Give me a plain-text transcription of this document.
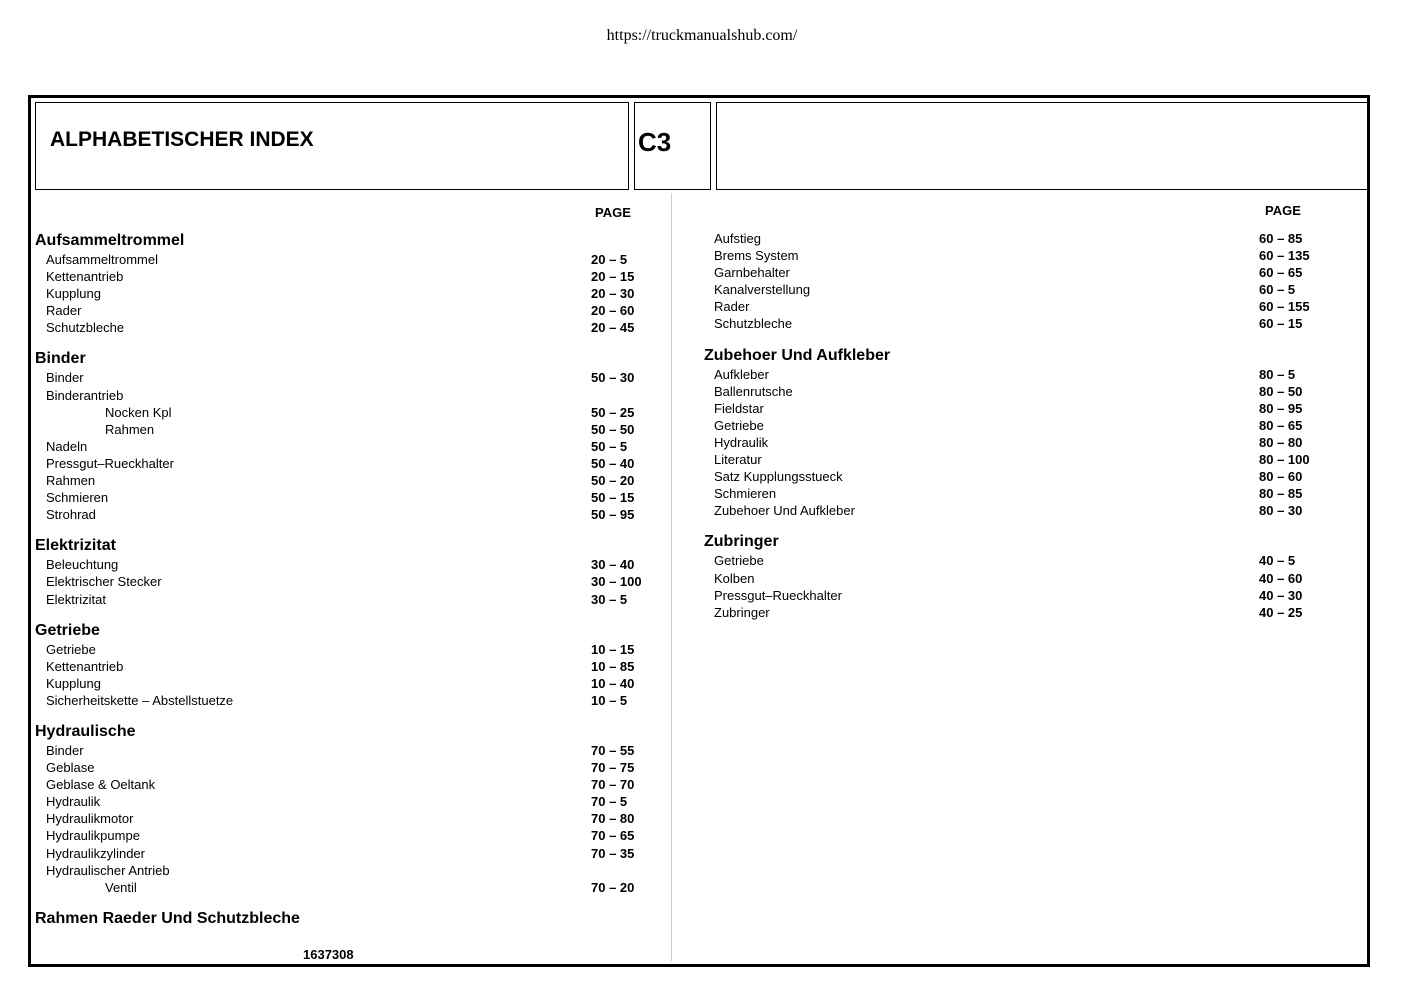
https://truckmanualshub.com/
ALPHABETISCHER INDEX	C3
PAGE
Aufsammeltrommel
Aufsammeltrommel	20 – 5
Kettenantrieb	20 – 15
Kupplung	20 – 30
Rader	20 – 60
Schutzbleche	20 – 45
Binder
Binder	50 – 30
Binderantrieb
Nocken Kpl	50 – 25
Rahmen	50 – 50
Nadeln	50 – 5
Pressgut–Rueckhalter	50 – 40
Rahmen	50 – 20
Schmieren	50 – 15
Strohrad	50 – 95
Elektrizitat
Beleuchtung	30 – 40
Elektrischer Stecker	30 – 100
Elektrizitat	30 – 5
Getriebe
Getriebe	10 – 15
Kettenantrieb	10 – 85
Kupplung	10 – 40
Sicherheitskette – Abstellstuetze	10 – 5
Hydraulische
Binder	70 – 55
Geblase	70 – 75
Geblase & Oeltank	70 – 70
Hydraulik	70 – 5
Hydraulikmotor	70 – 80
Hydraulikpumpe	70 – 65
Hydraulikzylinder	70 – 35
Hydraulischer Antrieb
Ventil	70 – 20
Rahmen Raeder Und Schutzbleche
PAGE
Aufstieg	60 – 85
Brems System	60 – 135
Garnbehalter	60 – 65
Kanalverstellung	60 – 5
Rader	60 – 155
Schutzbleche	60 – 15
Zubehoer Und Aufkleber
Aufkleber	80 – 5
Ballenrutsche	80 – 50
Fieldstar	80 – 95
Getriebe	80 – 65
Hydraulik	80 – 80
Literatur	80 – 100
Satz Kupplungsstueck	80 – 60
Schmieren	80 – 85
Zubehoer Und Aufkleber	80 – 30
Zubringer
Getriebe	40 – 5
Kolben	40 – 60
Pressgut–Rueckhalter	40 – 30
Zubringer	40 – 25
1637308
